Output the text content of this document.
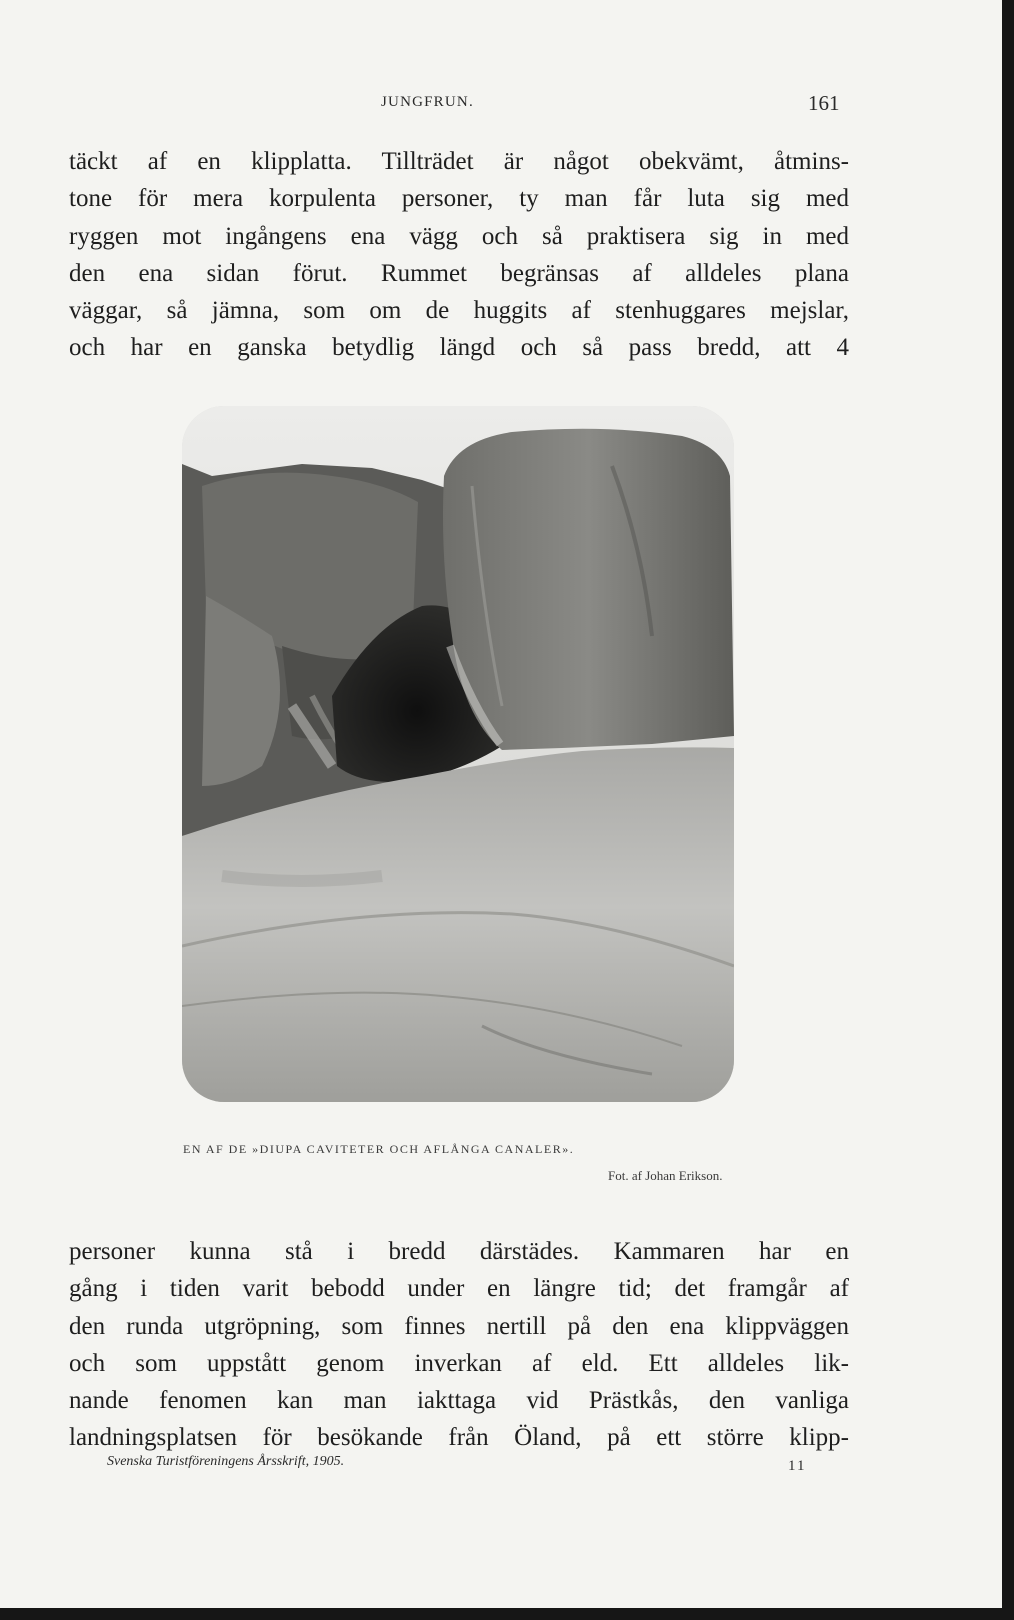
JUNGFRUN.	161
täckt af en klipplatta. Tillträdet är något obekvämt, åtmins-
tone för mera korpulenta personer, ty man får luta sig med
ryggen mot ingångens ena vägg och så praktisera sig in med
den ena sidan förut. Rummet begränsas af alldeles plana
väggar, så jämna, som om de huggits af stenhuggares mejslar,
och har en ganska betydlig längd och så pass bredd, att 4
EN AF DE »DIUPA CAVITETER OCH AFLÅNGA CANALER».
Fot. af Johan Erikson.
personer kunna stå i bredd därstädes. Kammaren har en
gång i tiden varit bebodd under en längre tid; det framgår af
den runda utgröpning, som finnes nertill på den ena klippväggen
och som uppstått genom inverkan af eld. Ett alldeles lik-
nande fenomen kan man iakttaga vid Prästkås, den vanliga
landningsplatsen för besökande från Öland, på ett större klipp-
Svenska Turistföreningens Årsskrift, 1905.	11
